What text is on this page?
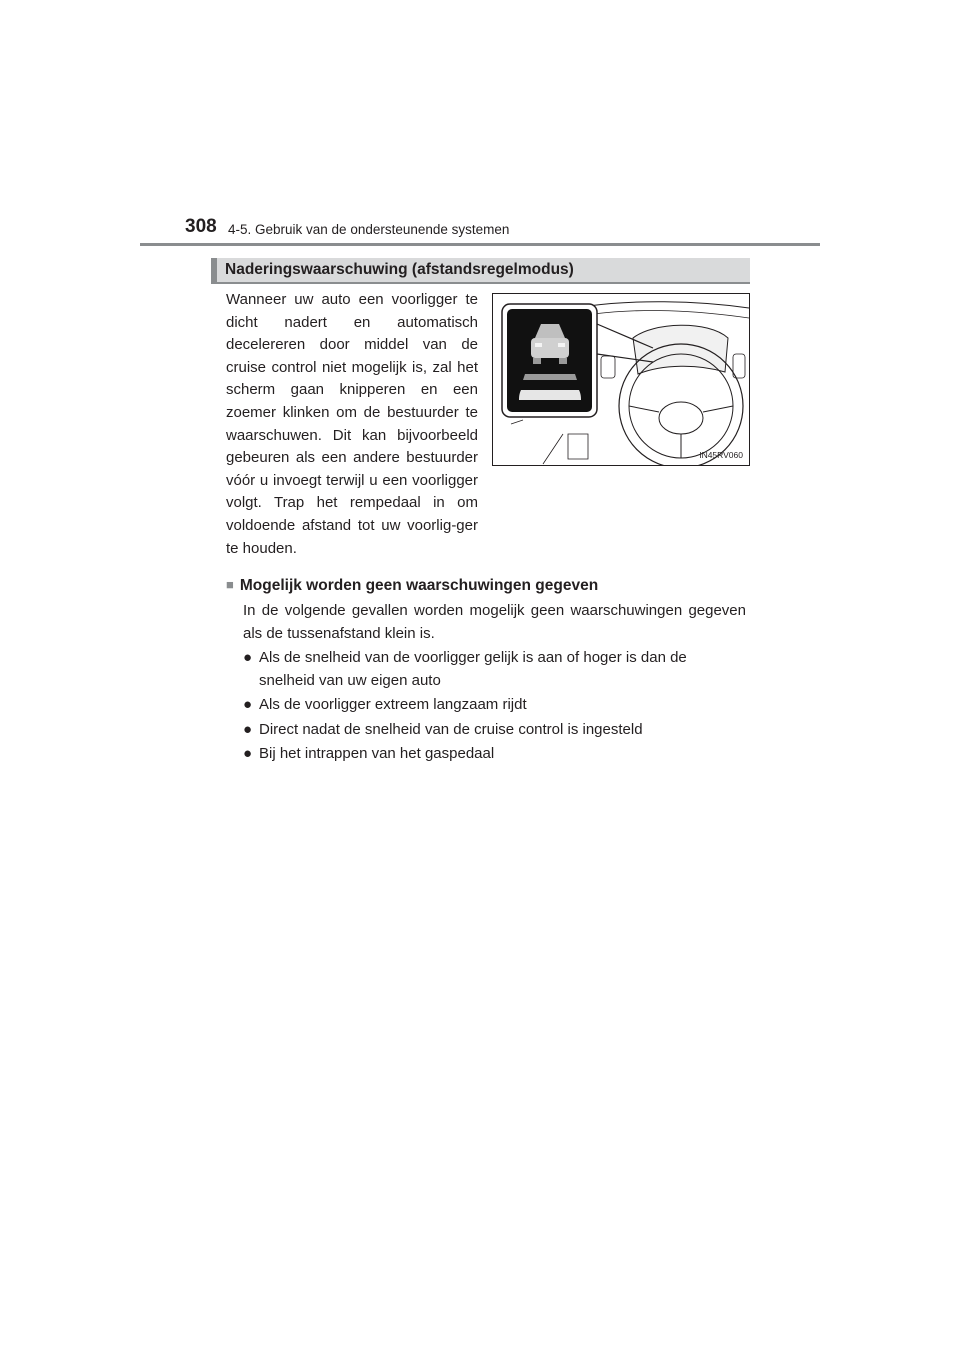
308 4-5. Gebruik van de ondersteunende systemen
Naderingswaarschuwing (afstandsregelmodus)

Wanneer uw auto een voorligger te dicht nadert en automatisch decelereren door middel van de cruise control niet mogelijk is, zal het scherm gaan knipperen en een zoemer klinken om de bestuurder te waarschuwen. Dit kan bijvoorbeeld gebeuren als een andere bestuurder vóór u invoegt terwijl u een voorligger volgt. Trap het rempedaal in om voldoende afstand tot uw voorlig-ger te houden.

IN45RV060
■ Mogelijk worden geen waarschuwingen gegeven

In de volgende gevallen worden mogelijk geen waarschuwingen gegeven als de tussenafstand klein is.

● Als de snelheid van de voorligger gelijk is aan of hoger is dan de snelheid van uw eigen auto
● Als de voorligger extreem langzaam rijdt
● Direct nadat de snelheid van de cruise control is ingesteld
● Bij het intrappen van het gaspedaal
